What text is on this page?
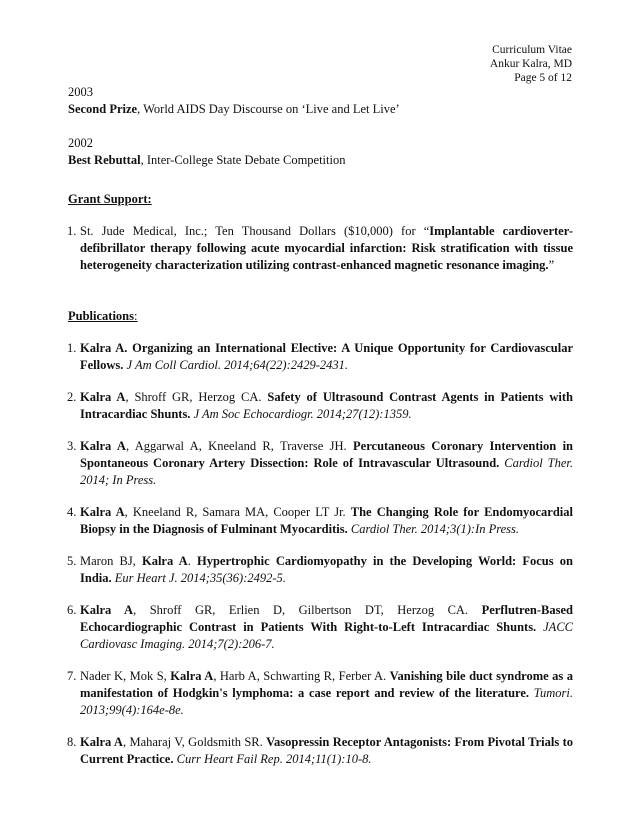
Curriculum Vitae
Ankur Kalra, MD
Page 5 of 12
2003
Second Prize, World AIDS Day Discourse on ‘Live and Let Live’
2002
Best Rebuttal, Inter-College State Debate Competition
Grant Support:
1. St. Jude Medical, Inc.; Ten Thousand Dollars ($10,000) for “Implantable cardioverter-defibrillator therapy following acute myocardial infarction: Risk stratification with tissue heterogeneity characterization utilizing contrast-enhanced magnetic resonance imaging.”
Publications:
1. Kalra A. Organizing an International Elective: A Unique Opportunity for Cardiovascular Fellows. J Am Coll Cardiol. 2014;64(22):2429-2431.
2. Kalra A, Shroff GR, Herzog CA. Safety of Ultrasound Contrast Agents in Patients with Intracardiac Shunts. J Am Soc Echocardiogr. 2014;27(12):1359.
3. Kalra A, Aggarwal A, Kneeland R, Traverse JH. Percutaneous Coronary Intervention in Spontaneous Coronary Artery Dissection: Role of Intravascular Ultrasound. Cardiol Ther. 2014; In Press.
4. Kalra A, Kneeland R, Samara MA, Cooper LT Jr. The Changing Role for Endomyocardial Biopsy in the Diagnosis of Fulminant Myocarditis. Cardiol Ther. 2014;3(1):In Press.
5. Maron BJ, Kalra A. Hypertrophic Cardiomyopathy in the Developing World: Focus on India. Eur Heart J. 2014;35(36):2492-5.
6. Kalra A, Shroff GR, Erlien D, Gilbertson DT, Herzog CA. Perflutren-Based Echocardiographic Contrast in Patients With Right-to-Left Intracardiac Shunts. JACC Cardiovasc Imaging. 2014;7(2):206-7.
7. Nader K, Mok S, Kalra A, Harb A, Schwarting R, Ferber A. Vanishing bile duct syndrome as a manifestation of Hodgkin's lymphoma: a case report and review of the literature. Tumori. 2013;99(4):164e-8e.
8. Kalra A, Maharaj V, Goldsmith SR. Vasopressin Receptor Antagonists: From Pivotal Trials to Current Practice. Curr Heart Fail Rep. 2014;11(1):10-8.
